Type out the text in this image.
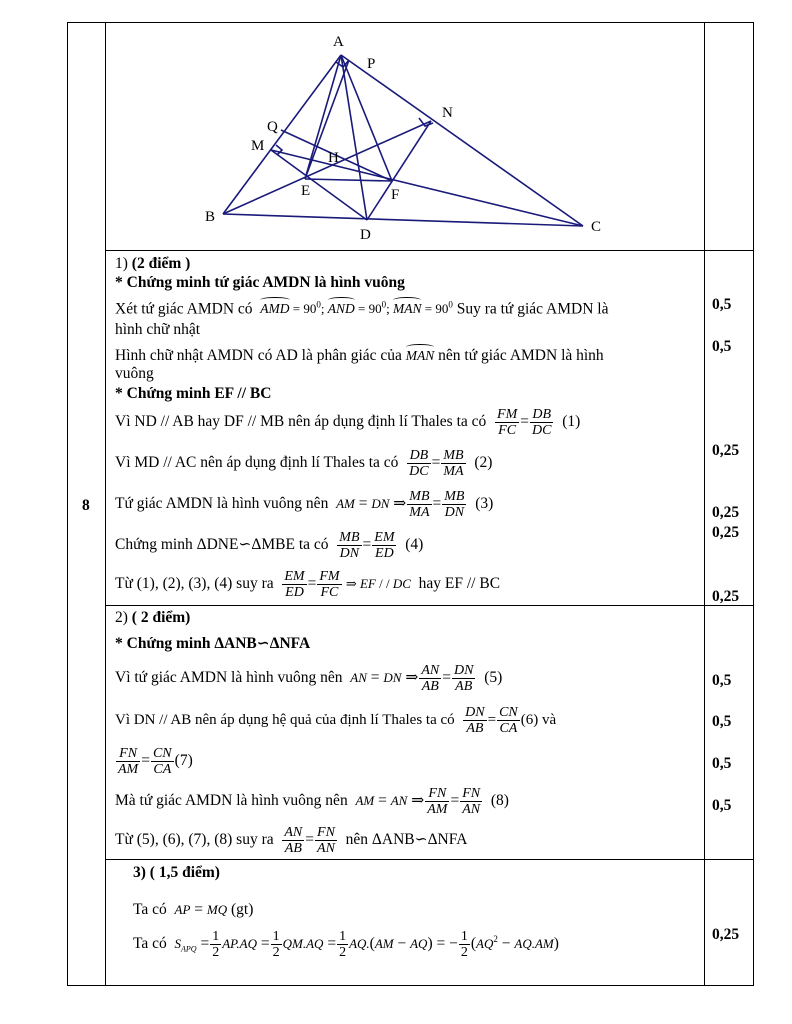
8
A
P
N
Q
M
H
E	F
B
D	C
1) (2 điểm )
* Chứng minh tứ giác AMDN là hình vuông
Xét tứ giác AMDN có AMD = $90^0$; AND = $90^0$; MAN = $90^0$ Suy ra tứ giác AMDN là
hình chữ nhật
Hình chữ nhật AMDN có AD là phân giác của MAN nên tứ giác AMDN là hình
vuông
* Chứng minh EF // BC
Vì ND // AB hay DF // MB nên áp dụng định lí Thales ta có $\frac{FM}{FC} = \frac{DB}{DC} (1)$
Vì MD // AC nên áp dụng định lí Thales ta có $\frac{DB}{DC} = \frac{MB}{MA} (2)$
Tứ giác AMDN là hình vuông nên AM = DN ⇒ $\frac{MB}{MA} = \frac{MB}{DN} (3)$
Chứng minh ΔDNE∽ΔMBE ta có $\frac{MB}{DN} = \frac{EM}{ED} (4)$
Từ (1), (2), (3), (4) suy ra $\frac{EM}{ED} = \frac{FM}{FC}$ ⇒ EF / / DC hay EF // BC
2) ( 2 điểm)
* Chứng minh ΔANB∽ΔNFA
Vì tứ giác AMDN là hình vuông nên AN = DN ⇒ $\frac{AN}{AB} = \frac{DN}{AB} (5)$
Vì DN // AB nên áp dụng hệ quả của định lí Thales ta có $\frac{DN}{AB} = \frac{CN}{CA} (6)$ và
$\frac{FN}{AM} = \frac{CN}{CA} (7)$
Mà tứ giác AMDN là hình vuông nên AM = AN ⇒ $\frac{FN}{AM} = \frac{FN}{AN} (8)$
Từ (5), (6), (7), (8) suy ra $\frac{AN}{AB} = \frac{FN}{AN}$ nên ΔANB∽ΔNFA
3) ( 1,5 điểm)
Ta có AP = MQ (gt)
Ta có $S_{APQ} = \frac{1}{2} AP.AQ = \frac{1}{2} QM.AQ = \frac{1}{2} AQ.(AM - AQ)$ = − $\frac{1}{2} (AQ^2 - AQ.AM)$
0,5
0,5
0,25
0,25
0,25
0,25
0,5
0,5
0,5
0,5
0,25
